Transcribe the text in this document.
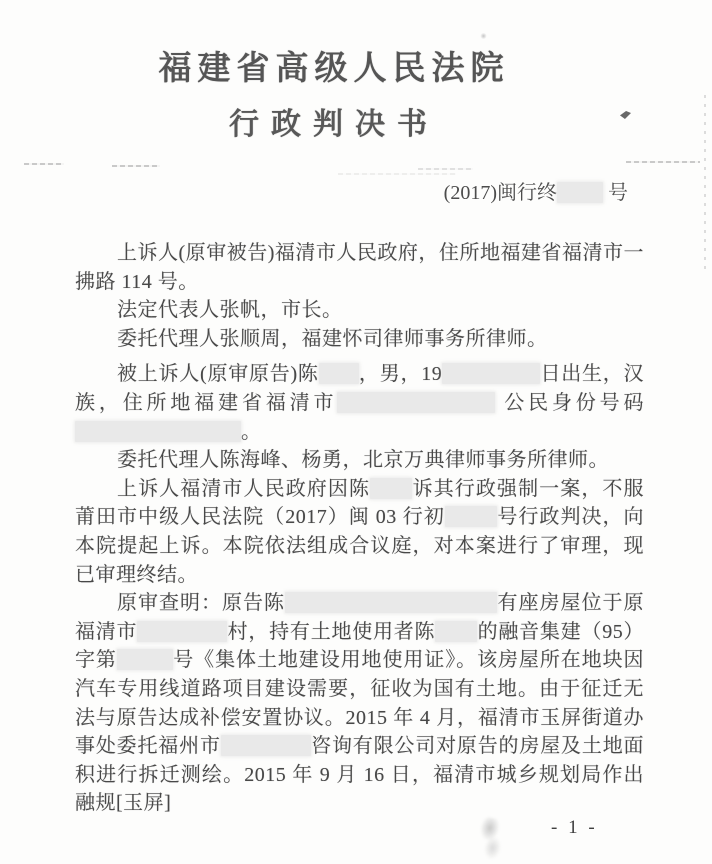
福建省高级人民法院
行政判决书
(2017)闽行终 号

上诉人(原审被告)福清市人民政府，住所地福建省福清市一拂路 114 号。

法定代表人张帆，市长。

委托代理人张顺周，福建怀司律师事务所律师。

被上诉人(原审原告)陈 ，男，19	日出生，汉族，住所地福建省福清市	公民身份号码 。

委托代理人陈海峰、杨勇，北京万典律师事务所律师。

上诉人福清市人民政府因陈 诉其行政强制一案，不服莆田市中级人民法院（2017）闽 03 行初	号行政判决，向本院提起上诉。本院依法组成合议庭，对本案进行了审理，现已审理终结。

原审查明：原告陈	有座房屋位于原福清市	村，持有土地使用者陈 的融音集建（95）字第	号《集体土地建设用地使用证》。该房屋所在地块因汽车专用线道路项目建设需要，征收为国有土地。由于征迁无法与原告达成补偿安置协议。2015 年 4 月，福清市玉屏街道办事处委托福州市	咨询有限公司对原告的房屋及土地面积进行拆迁测绘。2015 年 9 月 16 日，福清市城乡规划局作出融规[玉屏]

- 1 -
